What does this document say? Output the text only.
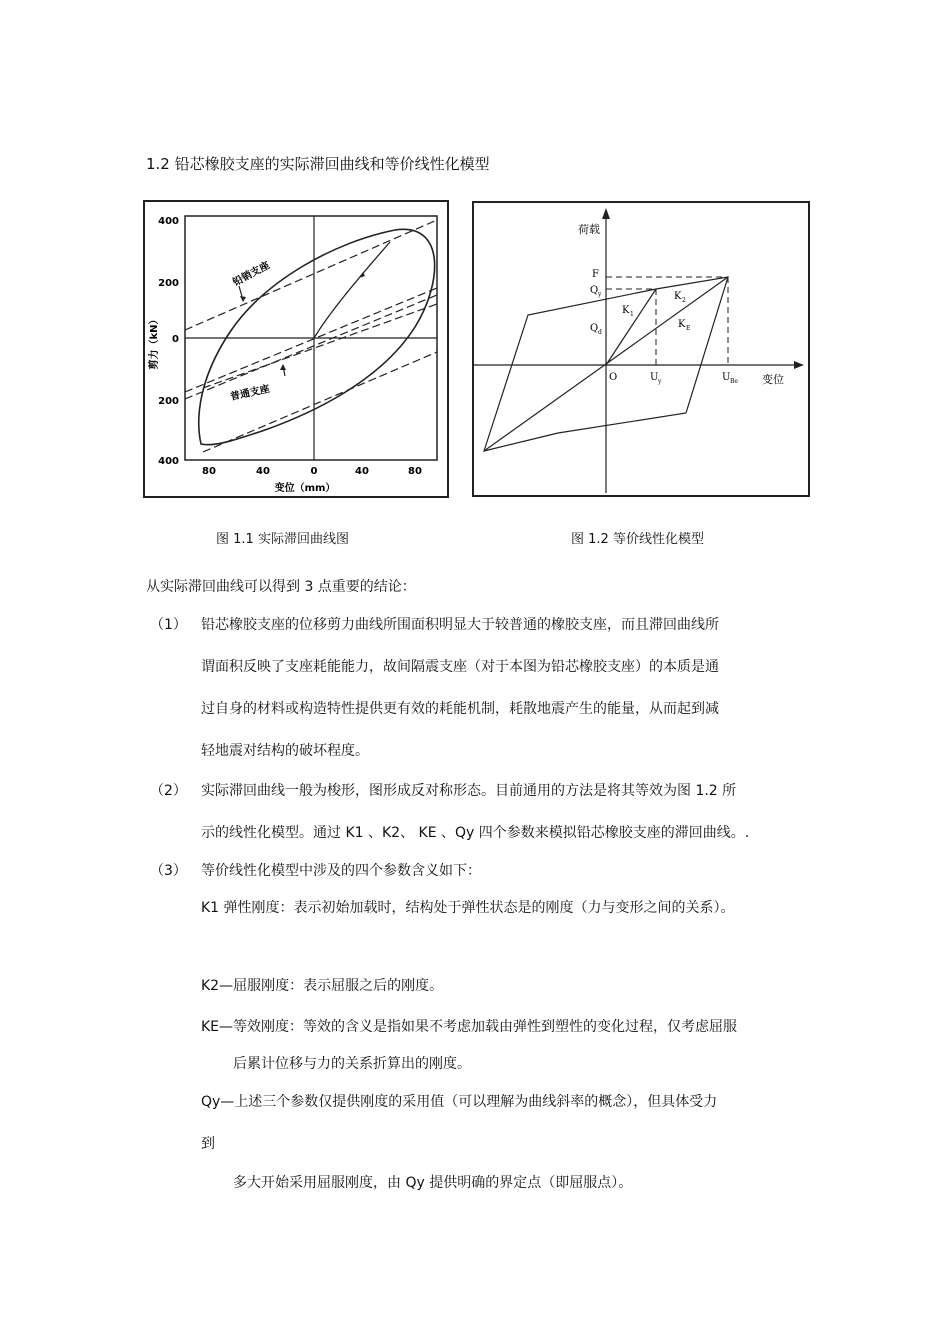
1.2 铅芯橡胶支座的实际滞回曲线和等价线性化模型
400
200
0
200
400
80	40	0	40	80
变位（mm）
剪力（kN）
铅销支座
普通支座
荷载
变位
F
Q y
Q d
K 1
K 2
K E
O	U y	U Be
图 1.1 实际滞回曲线图	图 1.2 等价线性化模型
从实际滞回曲线可以得到 3 点重要的结论：
（1） 铅芯橡胶支座的位移剪力曲线所围面积明显大于较普通的橡胶支座，而且滞回曲线所
谓面积反映了支座耗能能力，故间隔震支座（对于本图为铅芯橡胶支座）的本质是通
过自身的材料或构造特性提供更有效的耗能机制，耗散地震产生的能量，从而起到减
轻地震对结构的破坏程度。
（2） 实际滞回曲线一般为梭形，图形成反对称形态。目前通用的方法是将其等效为图 1.2 所
示的线性化模型。通过 K1 、K2、 KE 、Qy 四个参数来模拟铅芯橡胶支座的滞回曲线。.
（3） 等价线性化模型中涉及的四个参数含义如下：
K1 弹性刚度：表示初始加载时，结构处于弹性状态是的刚度（力与变形之间的关系）。
K2—屈服刚度：表示屈服之后的刚度。
KE—等效刚度：等效的含义是指如果不考虑加载由弹性到塑性的变化过程，仅考虑屈服
后累计位移与力的关系折算出的刚度。
Qy—上述三个参数仅提供刚度的采用值（可以理解为曲线斜率的概念），但具体受力
到
多大开始采用屈服刚度，由 Qy 提供明确的界定点（即屈服点）。
